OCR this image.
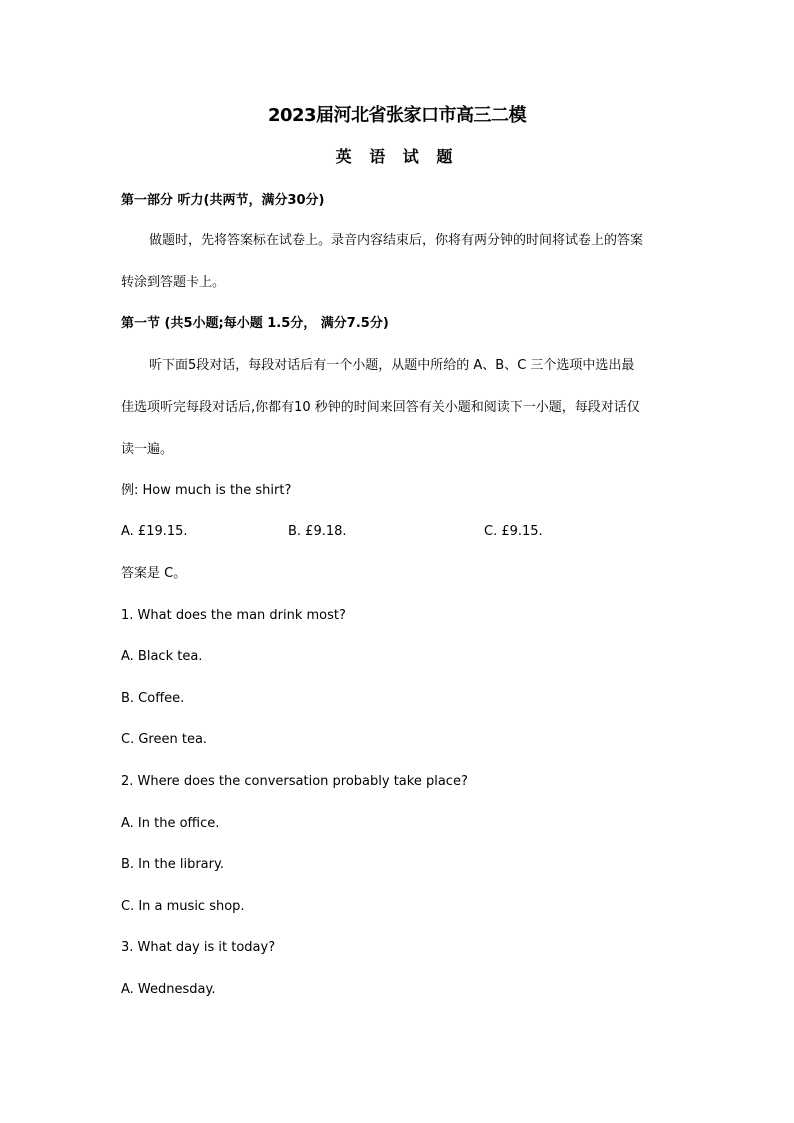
2023届河北省张家口市高三二模
英 语 试 题
第一部分 听力(共两节，满分30分)
做题时，先将答案标在试卷上。录音内容结束后，你将有两分钟的时间将试卷上的答案
转涂到答题卡上。
第一节 (共5小题;每小题 1.5分， 满分7.5分)
听下面5段对话，每段对话后有一个小题，从题中所给的 A、B、C 三个选项中选出最
佳选项听完每段对话后,你都有10 秒钟的时间来回答有关小题和阅读下一小题，每段对话仅
读一遍。
例: How much is the shirt?
A. £19.15.	B. £9.18.	C. £9.15.
答案是 C。
1. What does the man drink most?
A. Black tea.
B. Coffee.
C. Green tea.
2. Where does the conversation probably take place?
A. In the office.
B. In the library.
C. In a music shop.
3. What day is it today?
A. Wednesday.
